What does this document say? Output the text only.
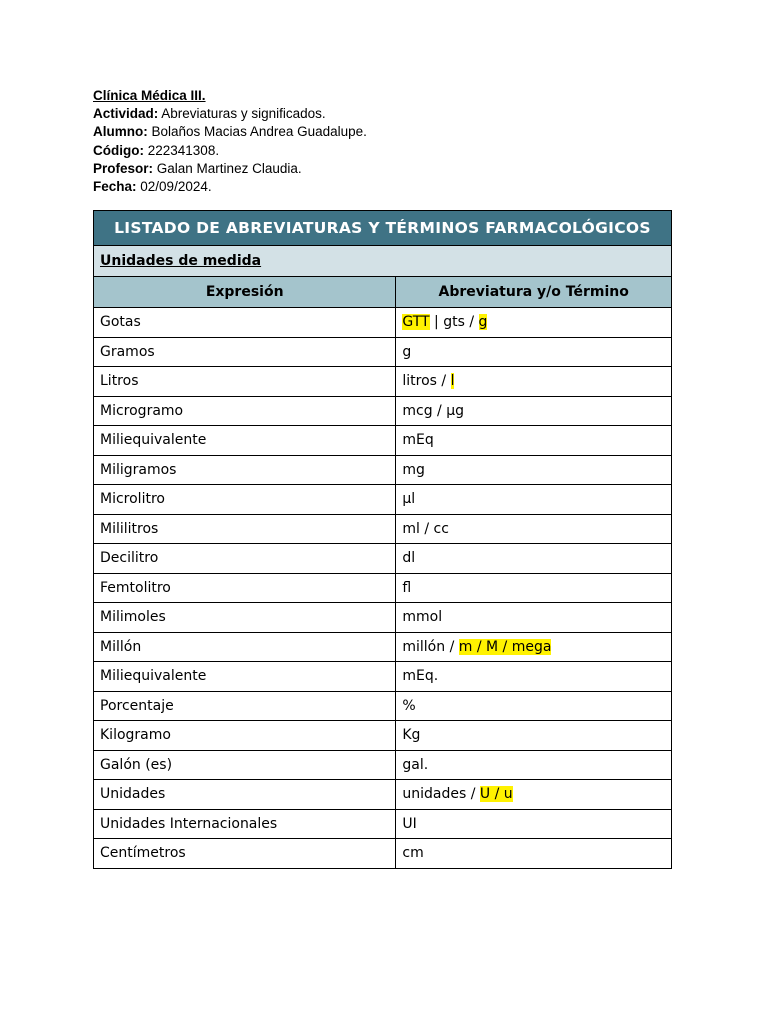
Clínica Médica III.
Actividad: Abreviaturas y significados.
Alumno: Bolaños Macias Andrea Guadalupe.
Código: 222341308.
Profesor: Galan Martinez Claudia.
Fecha: 02/09/2024.
LISTADO DE ABREVIATURAS Y TÉRMINOS FARMACOLÓGICOS	
Unidades de medida	
Expresión	Abreviatura y/o Término
Gotas	GTT | gts / g
Gramos	g
Litros	litros / l
Microgramo	mcg / µg
Miliequivalente	mEq
Miligramos	mg
Microlitro	µl
Mililitros	ml / cc
Decilitro	dl
Femtolitro	fl
Milimoles	mmol
Millón	millón / m / M / mega
Miliequivalente	mEq.
Porcentaje	%
Kilogramo	Kg
Galón (es)	gal.
Unidades	unidades / U / u
Unidades Internacionales	UI
Centímetros	cm
